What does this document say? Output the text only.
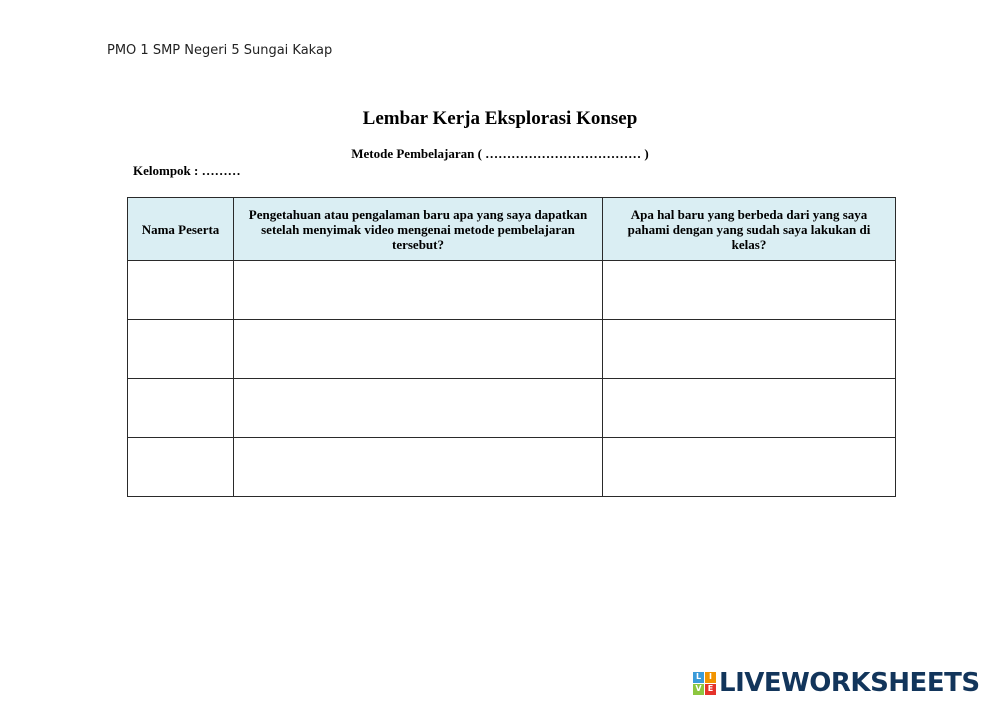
PMO 1 SMP Negeri 5 Sungai Kakap
Lembar Kerja Eksplorasi Konsep
Metode Pembelajaran ( ……………………………… )
Kelompok : ………
Nama Peserta	Pengetahuan atau pengalaman baru apa yang saya dapatkan setelah menyimak video mengenai metode pembelajaran tersebut?	Apa hal baru yang berbeda dari yang saya pahami dengan yang sudah saya lakukan di kelas?

L I
V E LIVEWORKSHEETS
